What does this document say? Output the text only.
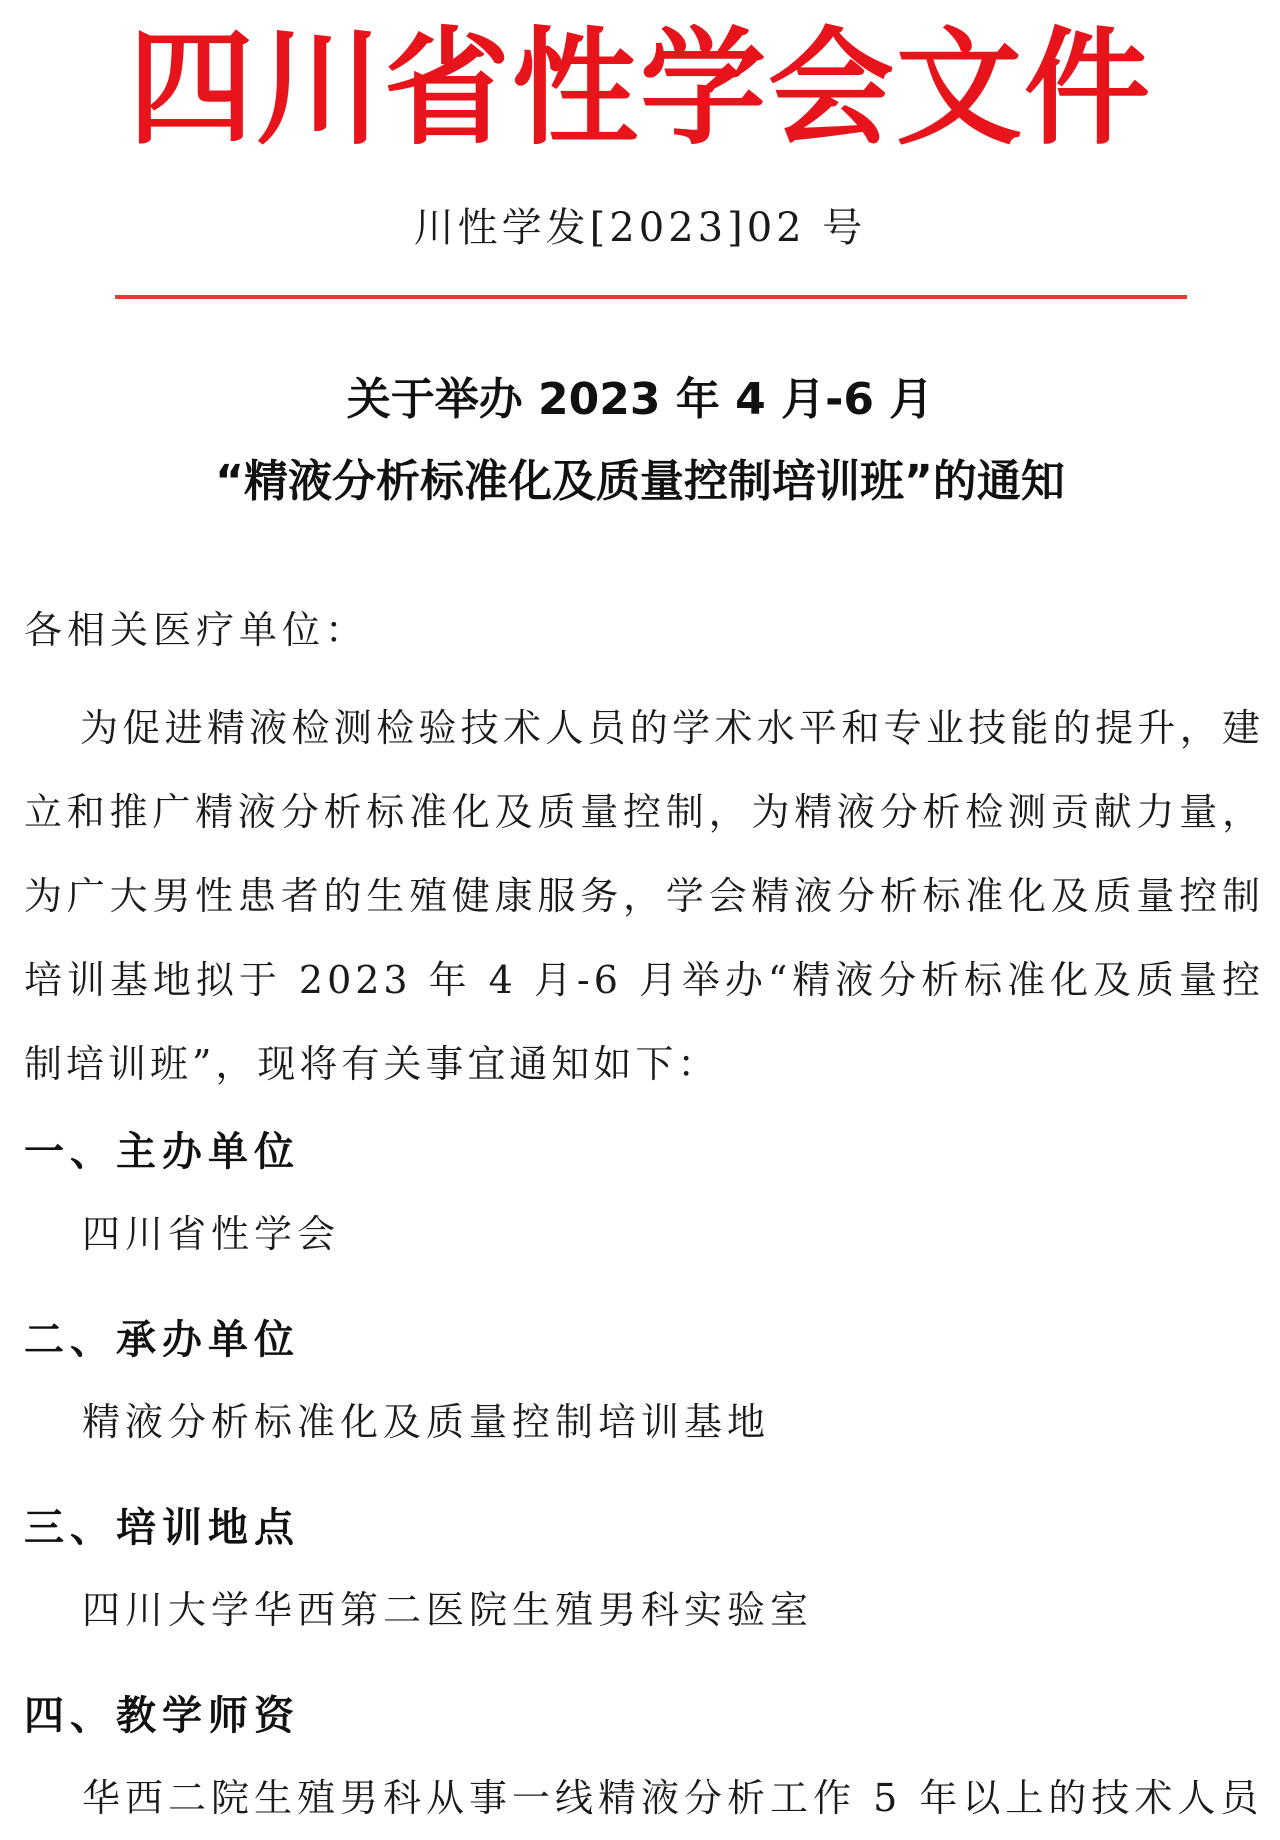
四川省性学会文件
川性学发[2023]02 号
关于举办 2023 年 4 月-6 月
“精液分析标准化及质量控制培训班”的通知
各相关医疗单位：

为促进精液检测检验技术人员的学术水平和专业技能的提升，建立和推广精液分析标准化及质量控制，为精液分析检测贡献力量，为广大男性患者的生殖健康服务，学会精液分析标准化及质量控制培训基地拟于 2023 年 4 月-6 月举办“精液分析标准化及质量控制培训班”，现将有关事宜通知如下：

一、主办单位
四川省性学会
二、承办单位
精液分析标准化及质量控制培训基地
三、培训地点
四川大学华西第二医院生殖男科实验室
四、教学师资
华西二院生殖男科从事一线精液分析工作 5 年以上的技术人员
